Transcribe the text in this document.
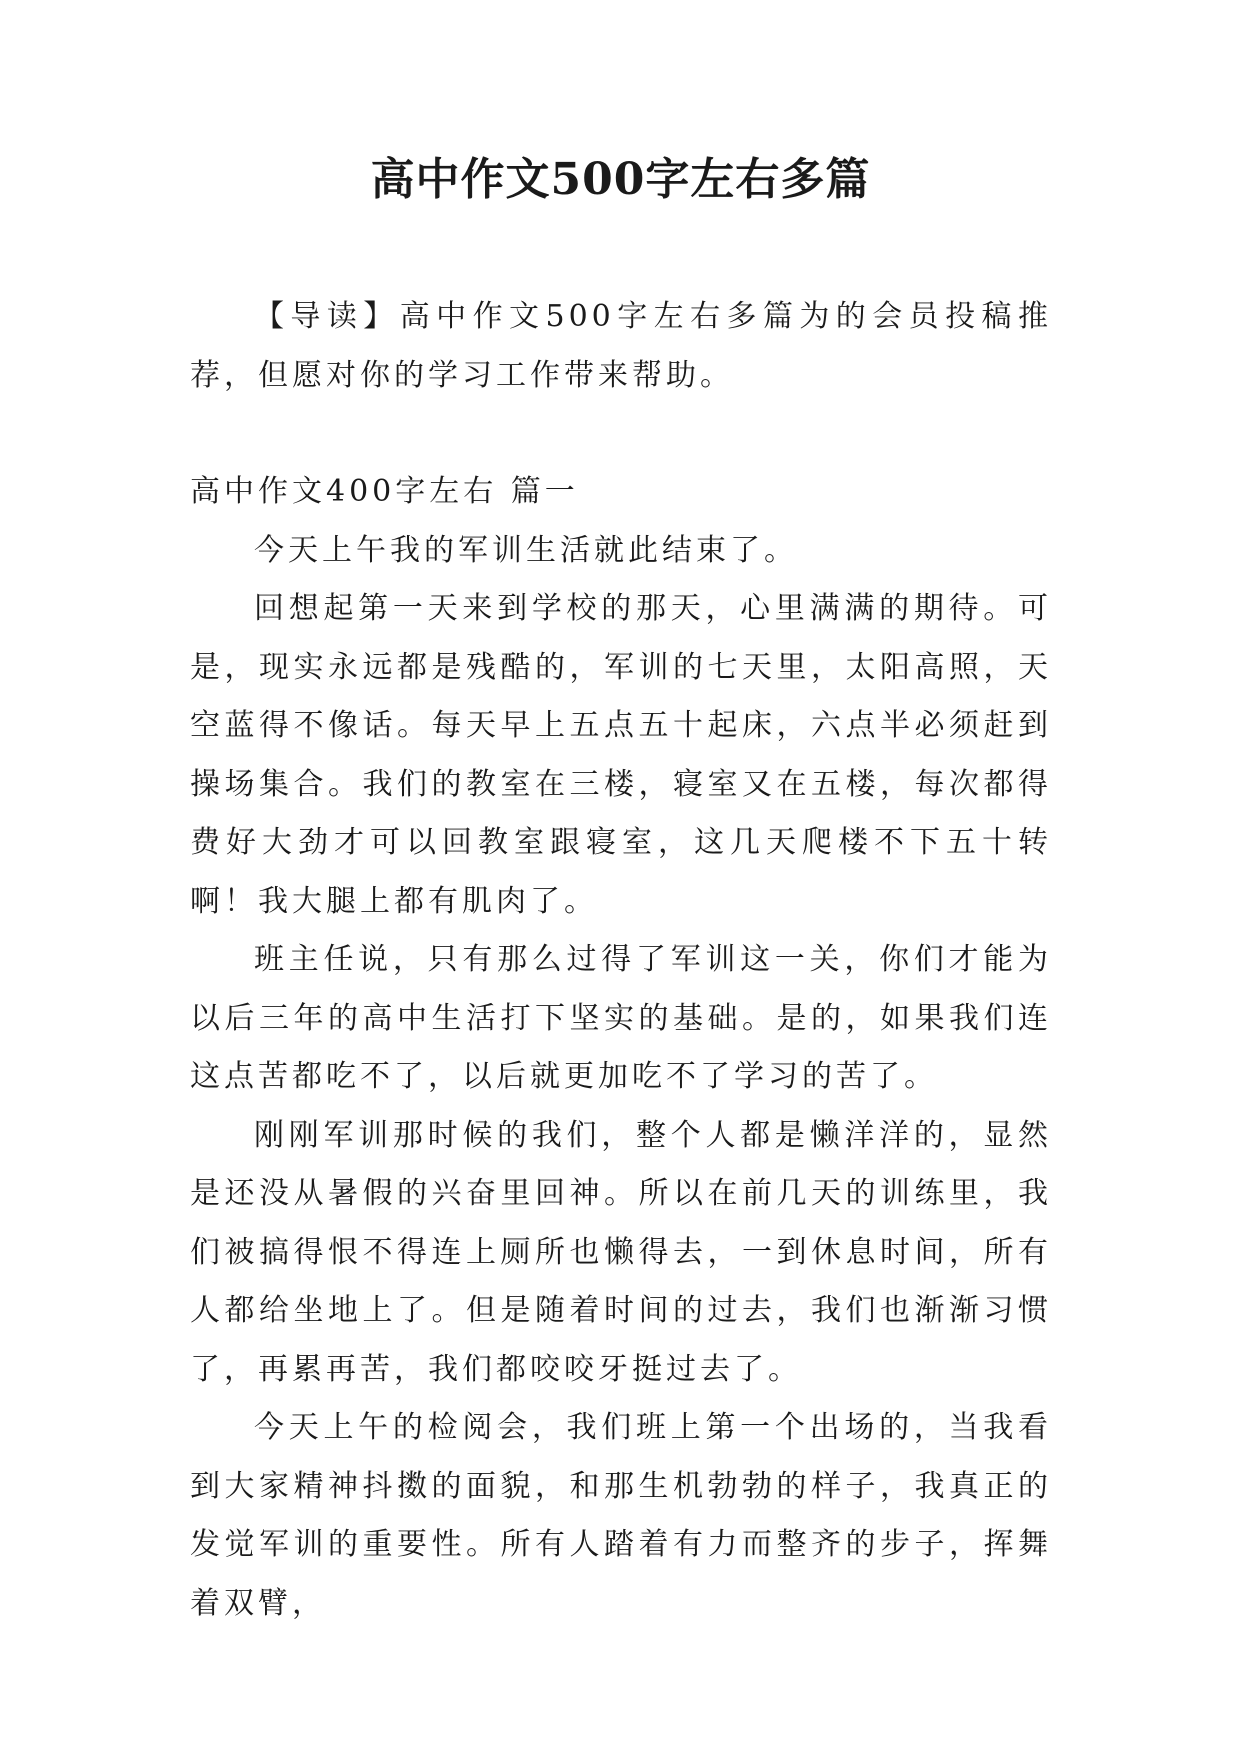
高中作文500字左右多篇

【导读】高中作文500字左右多篇为的会员投稿推荐，但愿对你的学习工作带来帮助。

高中作文400字左右 篇一

今天上午我的军训生活就此结束了。

回想起第一天来到学校的那天，心里满满的期待。可是，现实永远都是残酷的，军训的七天里，太阳高照，天空蓝得不像话。每天早上五点五十起床，六点半必须赶到操场集合。我们的教室在三楼，寝室又在五楼，每次都得费好大劲才可以回教室跟寝室，这几天爬楼不下五十转啊！我大腿上都有肌肉了。

班主任说，只有那么过得了军训这一关，你们才能为以后三年的高中生活打下坚实的基础。是的，如果我们连这点苦都吃不了，以后就更加吃不了学习的苦了。

刚刚军训那时候的我们，整个人都是懒洋洋的，显然是还没从暑假的兴奋里回神。所以在前几天的训练里，我们被搞得恨不得连上厕所也懒得去，一到休息时间，所有人都给坐地上了。但是随着时间的过去，我们也渐渐习惯了，再累再苦，我们都咬咬牙挺过去了。

今天上午的检阅会，我们班上第一个出场的，当我看到大家精神抖擞的面貌，和那生机勃勃的样子，我真正的发觉军训的重要性。所有人踏着有力而整齐的步子，挥舞着双臂，
